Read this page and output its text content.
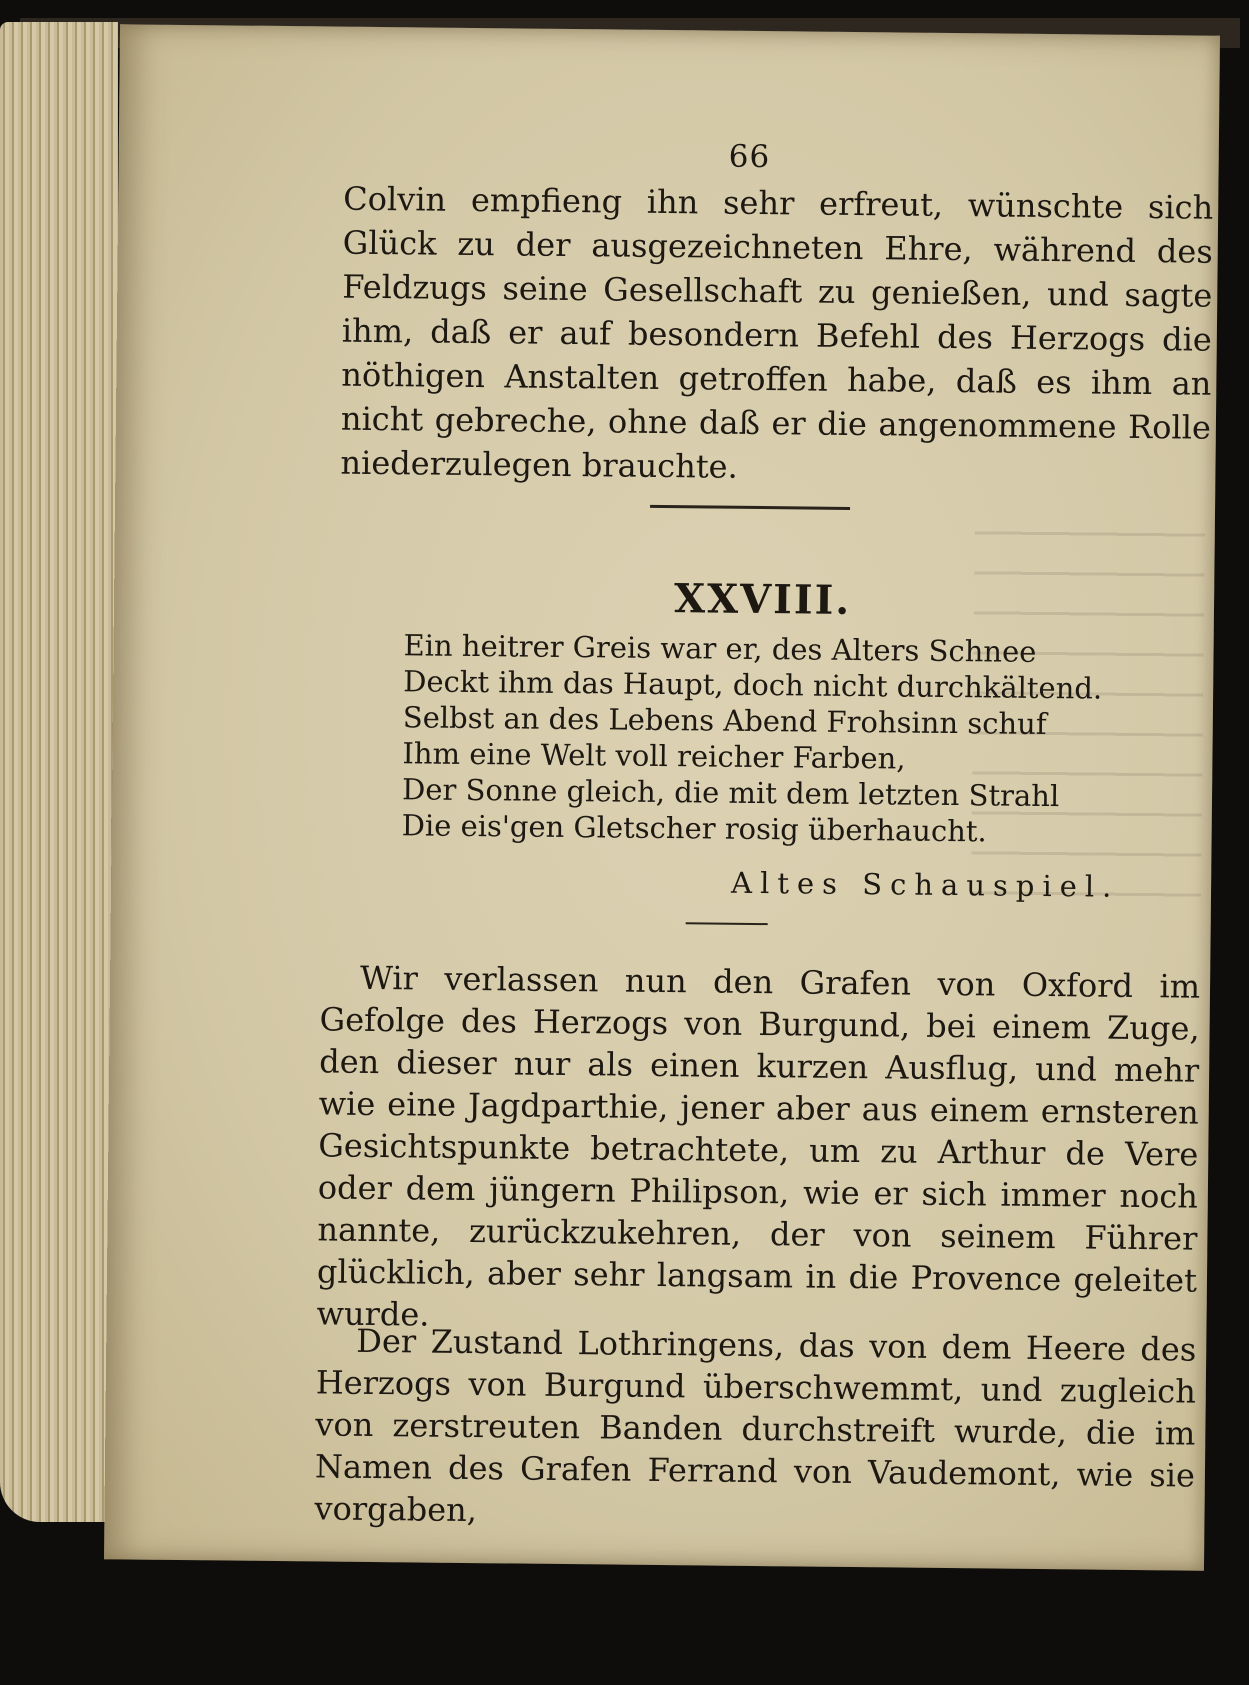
66

Colvin empfieng ihn sehr erfreut, wünschte sich Glück zu der ausgezeichneten Ehre, während des Feldzugs seine Gesellschaft zu genießen, und sagte ihm, daß er auf besondern Befehl des Herzogs die nöthigen Anstalten getroffen habe, daß es ihm an nicht gebreche, ohne daß er die angenommene Rolle niederzulegen brauchte.

XXVIII.
Ein heitrer Greis war er, des Alters Schnee
Deckt ihm das Haupt, doch nicht durchkältend.
Selbst an des Lebens Abend Frohsinn schuf
Ihm eine Welt voll reicher Farben,
Der Sonne gleich, die mit dem letzten Strahl
Die eis'gen Gletscher rosig überhaucht.
Altes Schauspiel.

Wir verlassen nun den Grafen von Oxford im Gefolge des Herzogs von Burgund, bei einem Zuge, den dieser nur als einen kurzen Ausflug, und mehr wie eine Jagdparthie, jener aber aus einem ernsteren Gesichtspunkte betrachtete, um zu Arthur de Vere oder dem jüngern Philipson, wie er sich immer noch nannte, zurückzukehren, der von seinem Führer glücklich, aber sehr langsam in die Provence geleitet wurde.

Der Zustand Lothringens, das von dem Heere des Herzogs von Burgund überschwemmt, und zugleich von zerstreuten Banden durchstreift wurde, die im Namen des Grafen Ferrand von Vaudemont, wie sie vorgaben,
